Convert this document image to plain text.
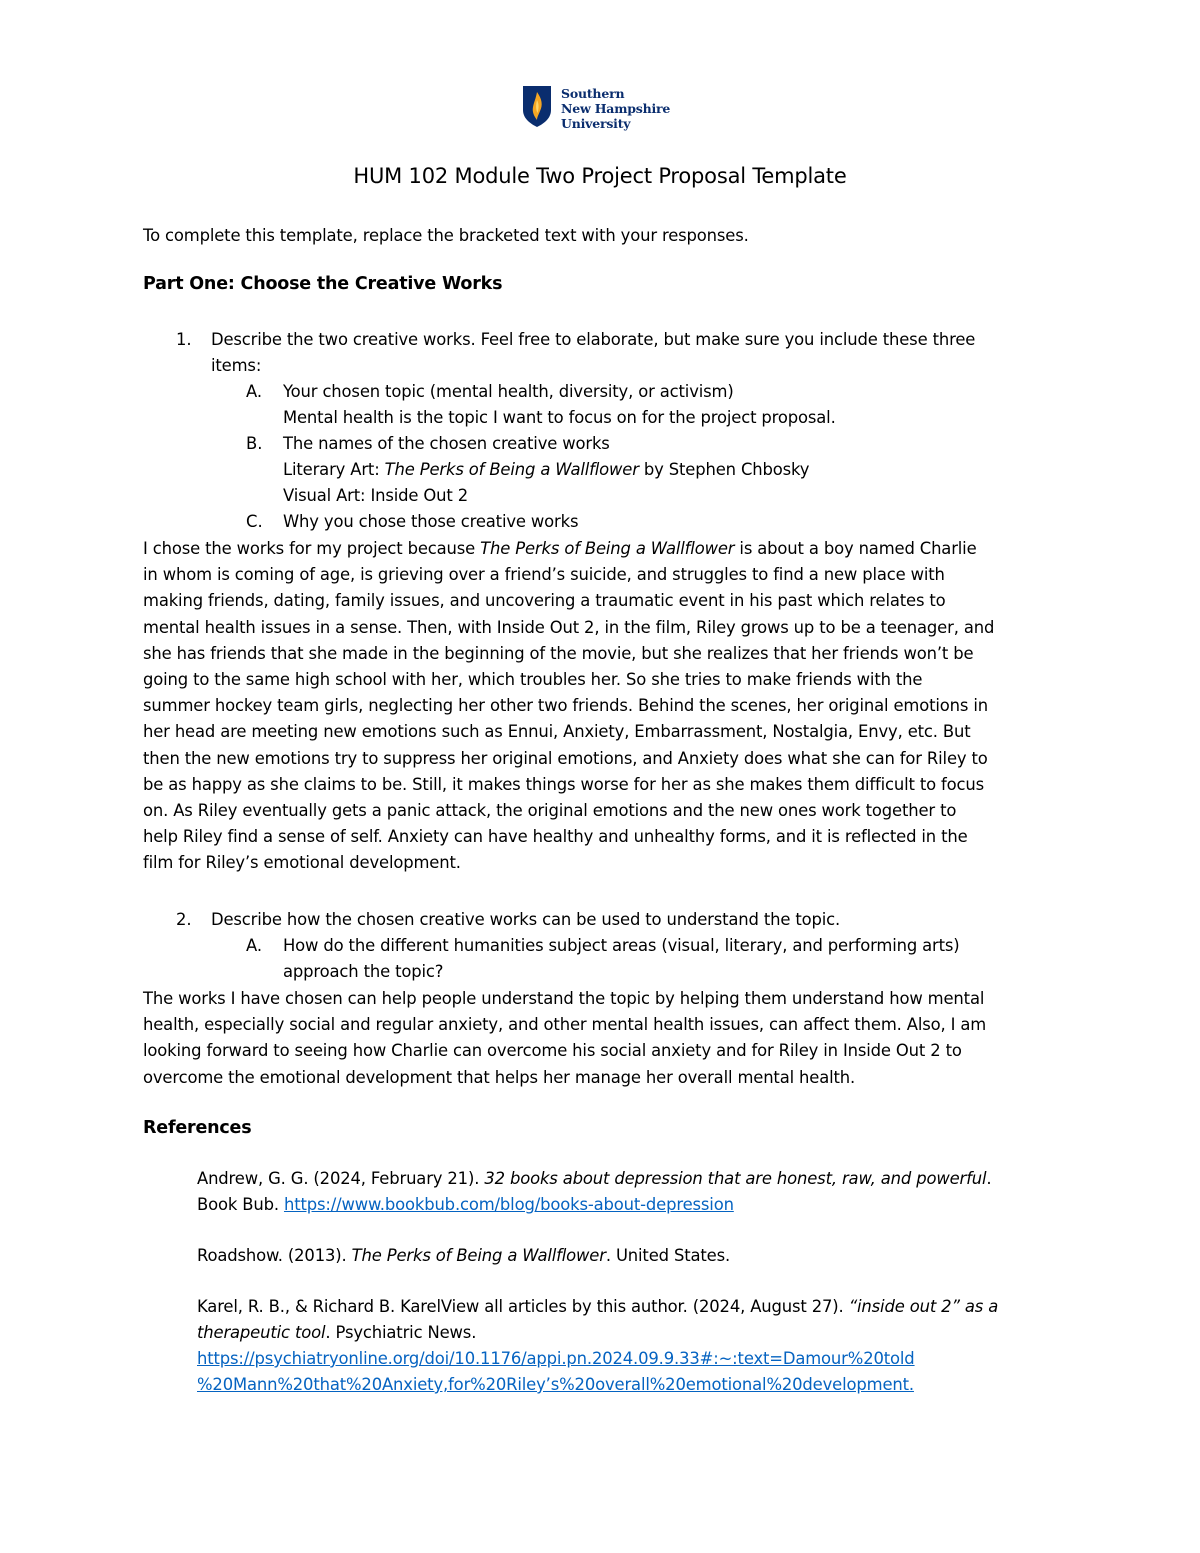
Southern
New Hampshire
University
HUM 102 Module Two Project Proposal Template
To complete this template, replace the bracketed text with your responses.
Part One: Choose the Creative Works
1. Describe the two creative works. Feel free to elaborate, but make sure you include these three
items:
A. Your chosen topic (mental health, diversity, or activism)
Mental health is the topic I want to focus on for the project proposal.
B. The names of the chosen creative works
Literary Art: The Perks of Being a Wallflower by Stephen Chbosky
Visual Art: Inside Out 2
C. Why you chose those creative works
I chose the works for my project because The Perks of Being a Wallflower is about a boy named Charlie
in whom is coming of age, is grieving over a friend’s suicide, and struggles to find a new place with
making friends, dating, family issues, and uncovering a traumatic event in his past which relates to
mental health issues in a sense. Then, with Inside Out 2, in the film, Riley grows up to be a teenager, and
she has friends that she made in the beginning of the movie, but she realizes that her friends won’t be
going to the same high school with her, which troubles her. So she tries to make friends with the
summer hockey team girls, neglecting her other two friends. Behind the scenes, her original emotions in
her head are meeting new emotions such as Ennui, Anxiety, Embarrassment, Nostalgia, Envy, etc. But
then the new emotions try to suppress her original emotions, and Anxiety does what she can for Riley to
be as happy as she claims to be. Still, it makes things worse for her as she makes them difficult to focus
on. As Riley eventually gets a panic attack, the original emotions and the new ones work together to
help Riley find a sense of self. Anxiety can have healthy and unhealthy forms, and it is reflected in the
film for Riley’s emotional development.
2. Describe how the chosen creative works can be used to understand the topic.
A. How do the different humanities subject areas (visual, literary, and performing arts)
approach the topic?
The works I have chosen can help people understand the topic by helping them understand how mental
health, especially social and regular anxiety, and other mental health issues, can affect them. Also, I am
looking forward to seeing how Charlie can overcome his social anxiety and for Riley in Inside Out 2 to
overcome the emotional development that helps her manage her overall mental health.
References
Andrew, G. G. (2024, February 21). 32 books about depression that are honest, raw, and powerful.
Book Bub. https://www.bookbub.com/blog/books-about-depression
Roadshow. (2013). The Perks of Being a Wallflower. United States.
Karel, R. B., & Richard B. KarelView all articles by this author. (2024, August 27). “inside out 2” as a
therapeutic tool. Psychiatric News.
https://psychiatryonline.org/doi/10.1176/appi.pn.2024.09.9.33#:~:text=Damour%20told
%20Mann%20that%20Anxiety,for%20Riley’s%20overall%20emotional%20development.
